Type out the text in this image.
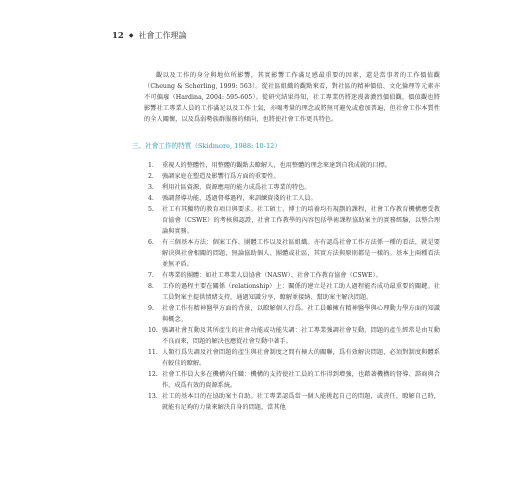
12 ◆ 社會工作理論

觀以及工作的身分與地位所影響，其實影響工作滿足感最重要的因素，還是當事者的工作價值觀（Cheung & Scherling, 1999: 563）。從社區組織的觀點來看，對社區的精神價值、文化倫理等元素亦不可偏廢（Hardina, 2004: 595-605）。從研究結果得知，社工專業仍將迷漫著濃烈價值觀，價值觀也將影響社工專業人員的工作滿足以及工作士氣，亦喝考量的理念或將無可避免或愈加普遍，但社會工作本質性的全人關懷，以及爲弱勢族群服務的傾向，也將使社會工作更具特色。

三、社會工作的特質（Skidmore, 1988: 10-12）
1.	重視人的整體性，用整體的觀點去瞭解人，也用整體的理念來達到自我成就的目標。
2.	強調家庭在塑造及影響行爲方面的重要性。
3.	利用社區資源，資源應用的能力成爲社工專業的特色。
4.	強調督導功能，透過督導過程，來訓練資淺的社工人員。
5.	社工有其獨特的教育項目與要求。社工碩士、博士的培養均有規劃的課程，社會工作教育機構應受教育協會（CSWE）的考核與認證，社會工作教學的內容包括學術課程協助案主的實務經驗，以整合理論與實務。
6.	有三個基本方法：個案工作、團體工作以及社區組織。亦有認爲社會工作方法係一種的看法，就是要解決與社會相關的問題，無論協助個人、團體或社區，其實方法與原則都是一樣的。基本上兩種看法並無矛盾。
7.	有專業的團體：如社工專業人員協會（NASW）、社會工作教育協會（CSWE）。
8.	工作的過程主要在關係（relationship）上：關係的建立是社工助人過程能否成功最重要的關鍵。社工員對案主提供情緒支持，通過知識分享，瞭解並接納、幫助案主解決問題。
9.	社會工作有精神醫學方面的背景，以瞭解個人行爲。社工員雖擁有精神醫學與心理動力學方面的知識與概念。
10. 強調社會互動及其所產生的社會功能或功能失調：社工專業強調社會互動，問題的產生經常是由互動不良而來，問題的解決也應從社會互動中著手。
11. 人類行爲失調及社會問題的產生與社會制度之間有極大的關聯，爲有效解決問題，必須對制度與體系有較佳的瞭解。
12. 社會工作員大多在機構內任職：機構的支持使社工員的工作得到增強，也藉著機構的督導、諮商與合作，成爲有效的資源系統。
13. 社工的基本目的在協助案主自助。社工專業認爲當一個人能挑起自己的問題，或責任，瞭解自己時，就能有足夠的力量來解決自身的問題，當其他
